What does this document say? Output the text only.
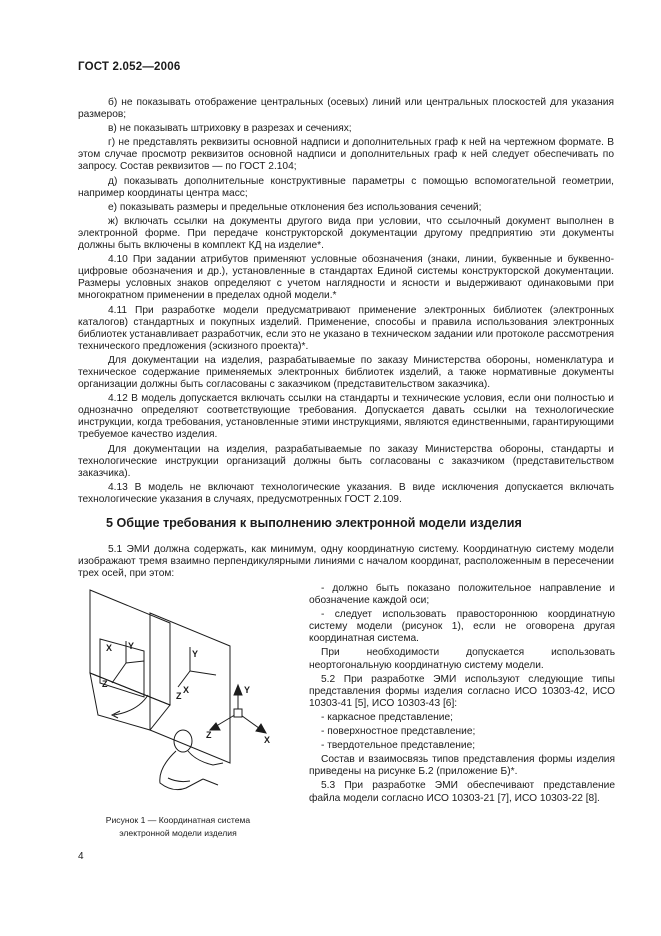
ГОСТ 2.052—2006

б) не показывать отображение центральных (осевых) линий или центральных плоскостей для указания размеров;

в) не показывать штриховку в разрезах и сечениях;

г) не представлять реквизиты основной надписи и дополнительных граф к ней на чертежном формате. В этом случае просмотр реквизитов основной надписи и дополнительных граф к ней следует обеспечивать по запросу. Состав реквизитов — по ГОСТ 2.104;

д) показывать дополнительные конструктивные параметры с помощью вспомогательной геометрии, например координаты центра масс;

е) показывать размеры и предельные отклонения без использования сечений;

ж) включать ссылки на документы другого вида при условии, что ссылочный документ выполнен в электронной форме. При передаче конструкторской документации другому предприятию эти документы должны быть включены в комплект КД на изделие*.

4.10 При задании атрибутов применяют условные обозначения (знаки, линии, буквенные и буквенно-цифровые обозначения и др.), установленные в стандартах Единой системы конструкторской документации. Размеры условных знаков определяют с учетом наглядности и ясности и выдерживают одинаковыми при многократном применении в пределах одной модели.*

4.11 При разработке модели предусматривают применение электронных библиотек (электронных каталогов) стандартных и покупных изделий. Применение, способы и правила использования электронных библиотек устанавливает разработчик, если это не указано в техническом задании или протоколе рассмотрения технического предложения (эскизного проекта)*.

Для документации на изделия, разрабатываемые по заказу Министерства обороны, номенклатура и техническое содержание применяемых электронных библиотек изделий, а также нормативные документы организации должны быть согласованы с заказчиком (представительством заказчика).

4.12 В модель допускается включать ссылки на стандарты и технические условия, если они полностью и однозначно определяют соответствующие требования. Допускается давать ссылки на технологические инструкции, когда требования, установленные этими инструкциями, являются единственными, гарантирующими требуемое качество изделия.

Для документации на изделия, разрабатываемые по заказу Министерства обороны, стандарты и технологические инструкции организаций должны быть согласованы с заказчиком (представительством заказчика).

4.13 В модель не включают технологические указания. В виде исключения допускается включать технологические указания в случаях, предусмотренных ГОСТ 2.109.

5 Общие требования к выполнению электронной модели изделия

5.1 ЭМИ должна содержать, как минимум, одну координатную систему. Координатную систему модели изображают тремя взаимно перпендикулярными линиями с началом координат, расположенным в пересечении трех осей, при этом:

Y
Z
X
Y
Z
X	Y
X
Z
Рисунок 1 — Координатная система
электронной модели изделия

- должно быть показано положительное направление и обозначение каждой оси;

- следует использовать правостороннюю координатную систему модели (рисунок 1), если не оговорена другая координатная система.

При необходимости допускается использовать неортогональную координатную систему модели.

5.2 При разработке ЭМИ используют следующие типы представления формы изделия согласно ИСО 10303-42, ИСО 10303-41 [5], ИСО 10303-43 [6]:

- каркасное представление;

- поверхностное представление;

- твердотельное представление;

Состав и взаимосвязь типов представления формы изделия приведены на рисунке Б.2 (приложение Б)*.

5.3 При разработке ЭМИ обеспечивают представление файла модели согласно ИСО 10303-21 [7], ИСО 10303-22 [8].

4
